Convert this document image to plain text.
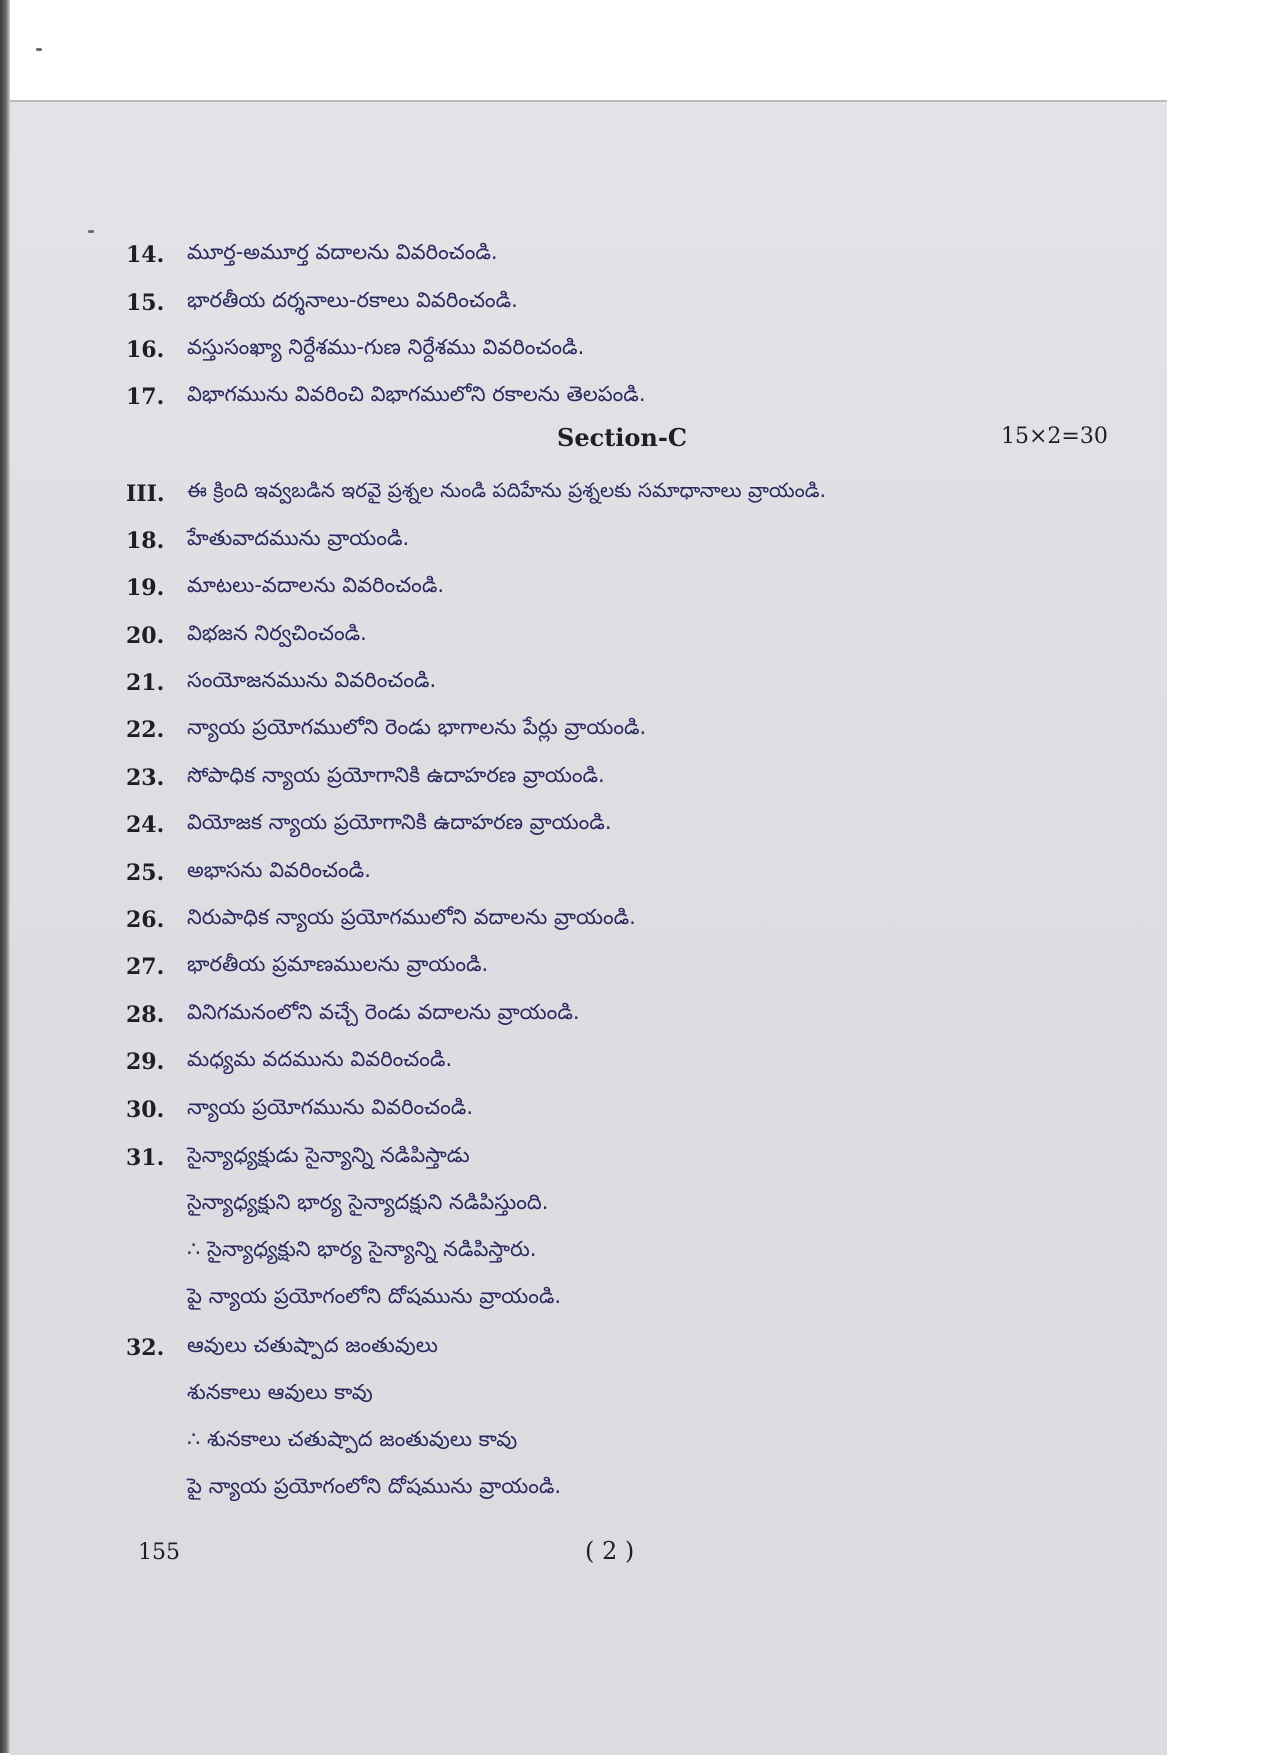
14.	మూర్త-అమూర్త వదాలను వివరించండి.
15.	భారతీయ దర్శనాలు-రకాలు వివరించండి.
16.	వస్తుసంఖ్యా నిర్దేశము-గుణ నిర్దేశము వివరించండి.
17.	విభాగమును వివరించి విభాగములోని రకాలను తెలపండి.
Section-C	15×2=30
III.	ఈ క్రింది ఇవ్వబడిన ఇరవై ప్రశ్నల నుండి పదిహేను ప్రశ్నలకు సమాధానాలు వ్రాయండి.
18.	హేతువాదమును వ్రాయండి.
19.	మాటలు-వదాలను వివరించండి.
20.	విభజన నిర్వచించండి.
21.	సంయోజనమును వివరించండి.
22.	న్యాయ ప్రయోగములోని రెండు భాగాలను పేర్లు వ్రాయండి.
23.	సోపాధిక న్యాయ ప్రయోగానికి ఉదాహరణ వ్రాయండి.
24.	వియోజక న్యాయ ప్రయోగానికి ఉదాహరణ వ్రాయండి.
25.	అభాసను వివరించండి.
26.	నిరుపాధిక న్యాయ ప్రయోగములోని వదాలను వ్రాయండి.
27.	భారతీయ ప్రమాణములను వ్రాయండి.
28.	వినిగమనంలోని వచ్చే రెండు వదాలను వ్రాయండి.
29.	మధ్యమ వదమును వివరించండి.
30.	న్యాయ ప్రయోగమును వివరించండి.
31.	సైన్యాధ్యక్షుడు సైన్యాన్ని నడిపిస్తాడు
సైన్యాధ్యక్షుని భార్య సైన్యాదక్షుని నడిపిస్తుంది.
∴ సైన్యాధ్యక్షుని భార్య సైన్యాన్ని నడిపిస్తారు.
పై న్యాయ ప్రయోగంలోని దోషమును వ్రాయండి.
32.	ఆవులు చతుష్పాద జంతువులు
శునకాలు ఆవులు కావు
∴ శునకాలు చతుష్పాద జంతువులు కావు
పై న్యాయ ప్రయోగంలోని దోషమును వ్రాయండి.
155	( 2 )
